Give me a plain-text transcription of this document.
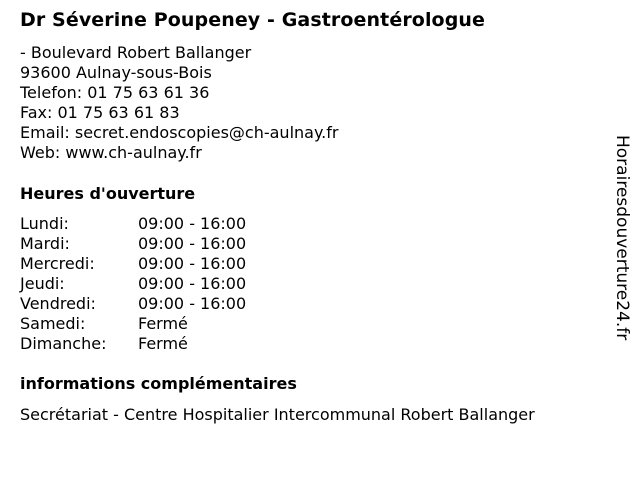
Dr Séverine Poupeney - Gastroentérologue
- Boulevard Robert Ballanger
93600 Aulnay-sous-Bois
Telefon: 01 75 63 61 36
Fax: 01 75 63 61 83
Email: secret.endoscopies@ch-aulnay.fr
Web: www.ch-aulnay.fr
Heures d'ouverture
Lundi:	09:00 - 16:00
Mardi:	09:00 - 16:00
Mercredi:	09:00 - 16:00
Jeudi:	09:00 - 16:00
Vendredi:	09:00 - 16:00
Samedi:	Fermé
Dimanche:	Fermé
informations complémentaires
Secrétariat - Centre Hospitalier Intercommunal Robert Ballanger
Horairesdouverture24.fr
